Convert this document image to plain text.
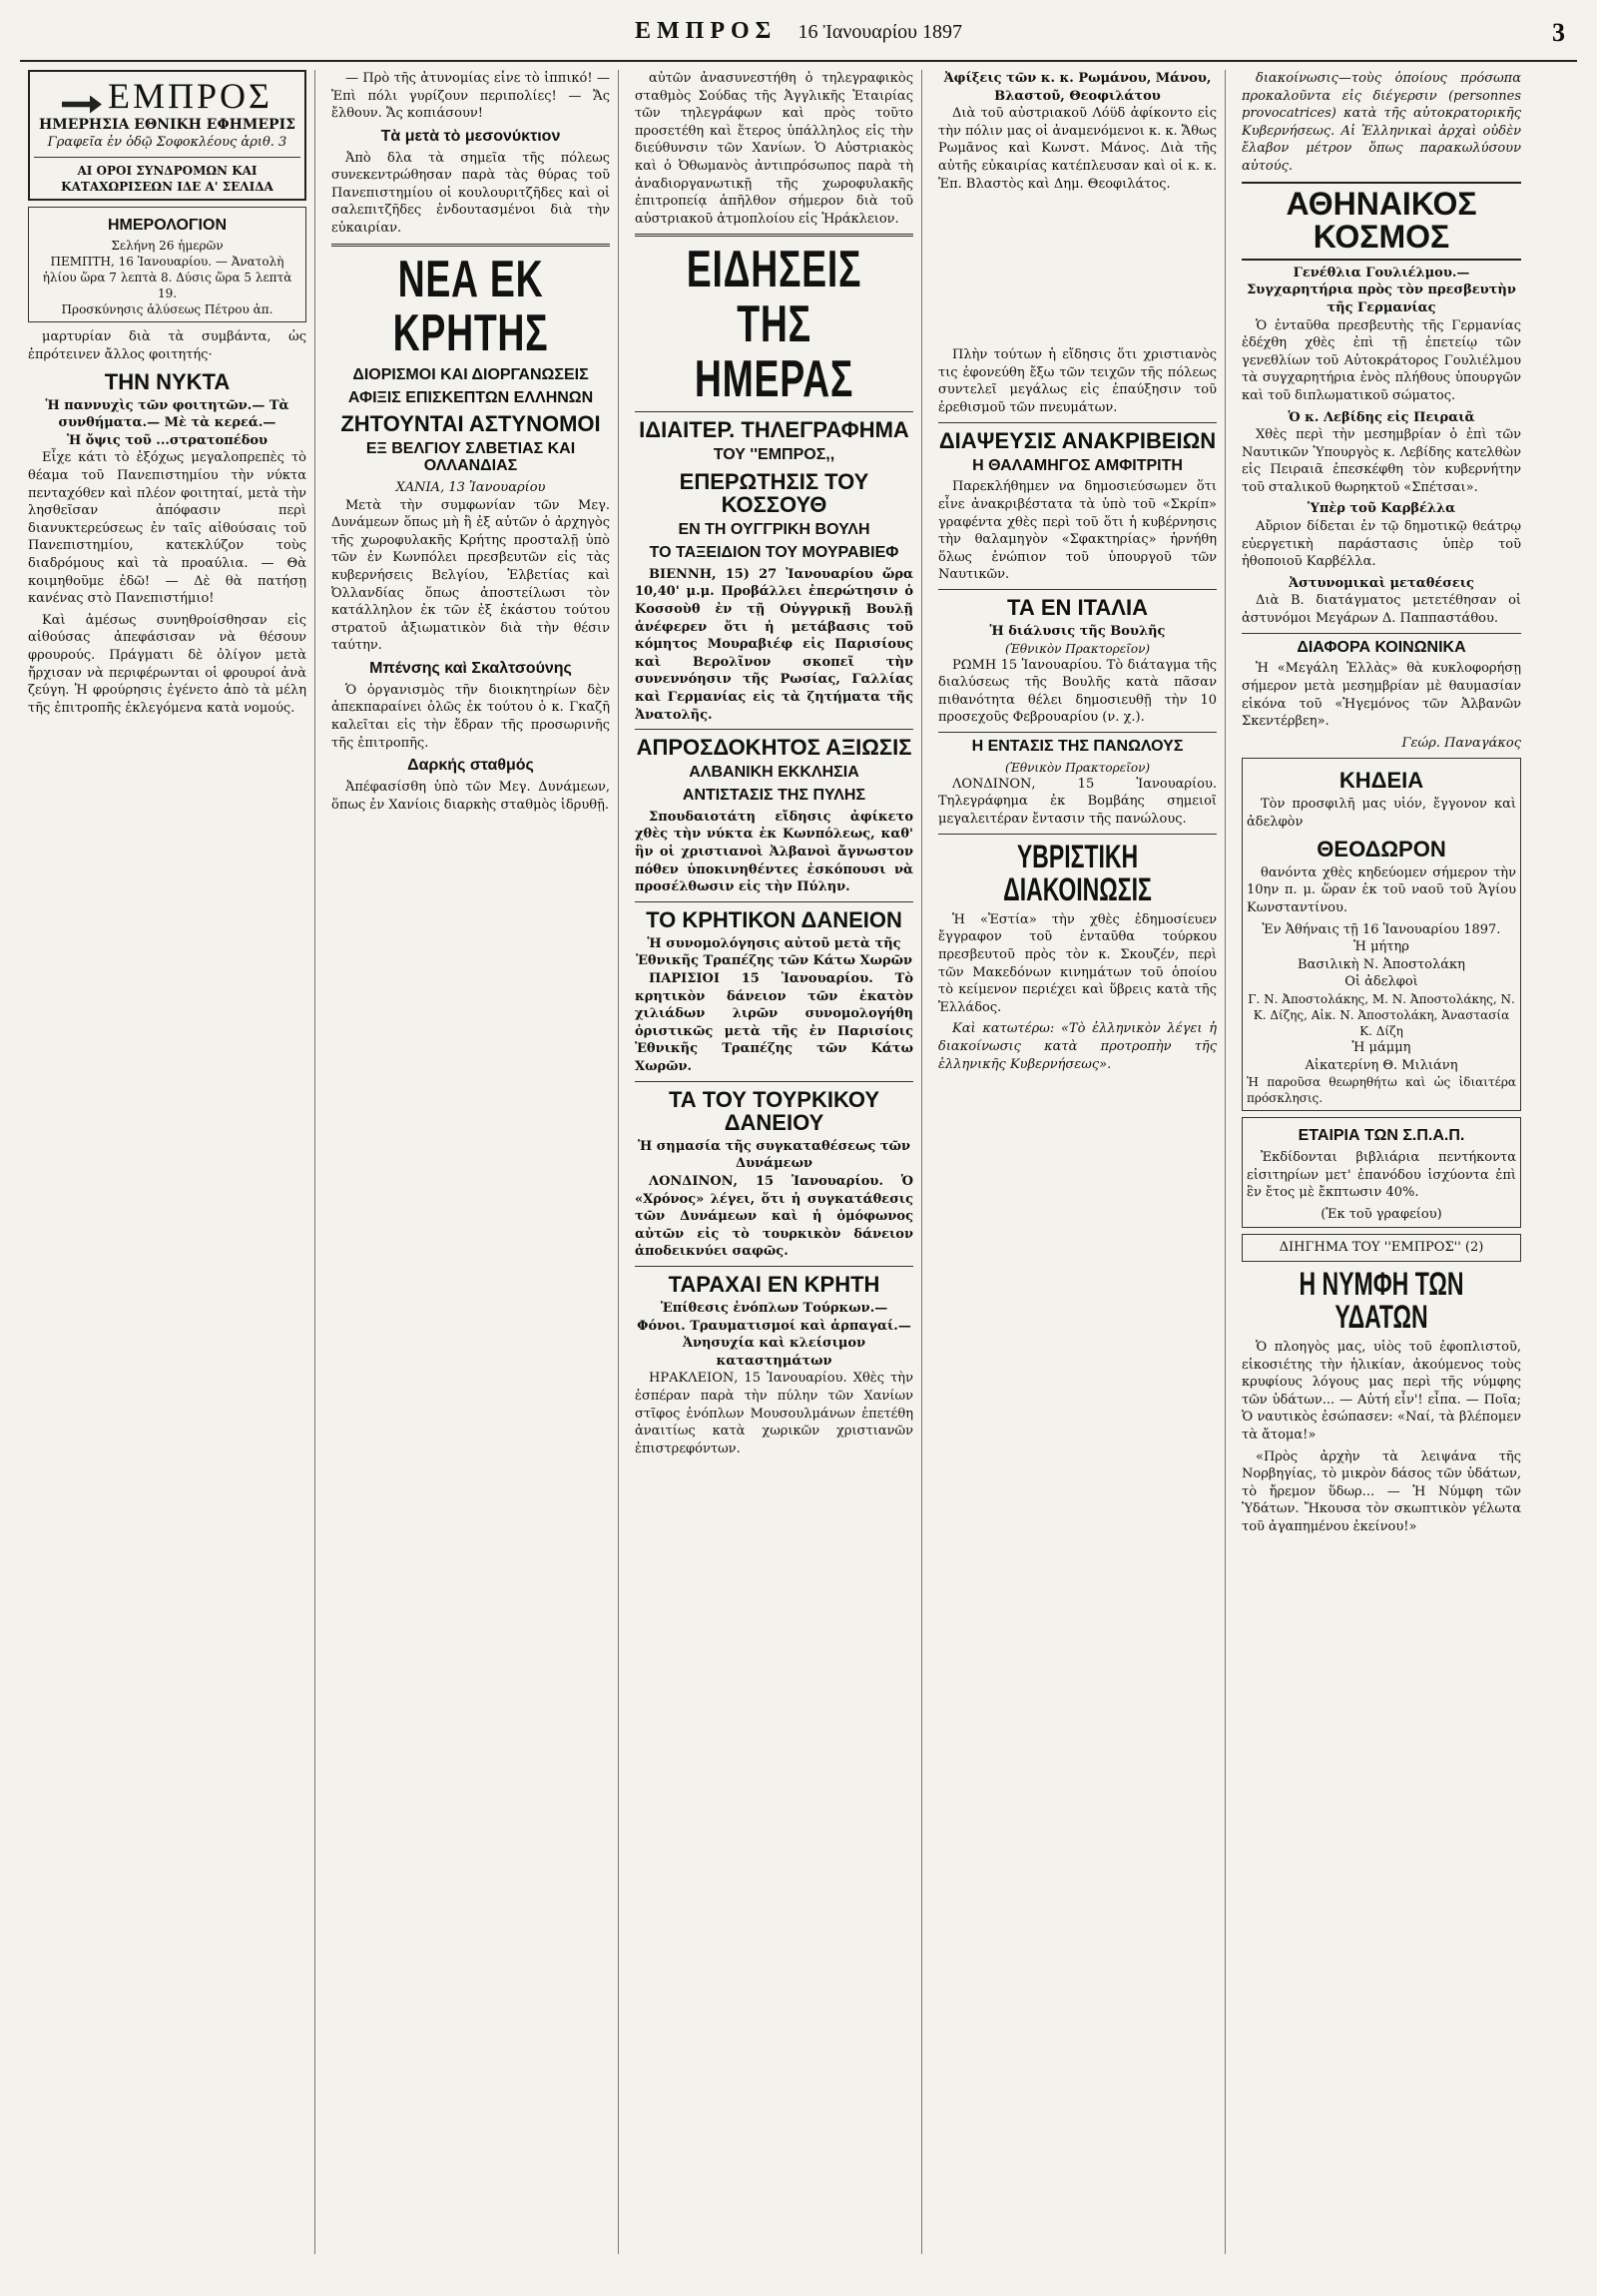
ΕΜΠΡΟΣ 16 Ἰανουαρίου 1897	3
ΕΜΠΡΟΣ
ΗΜΕΡΗΣΙΑ ΕΘΝΙΚΗ ΕΦΗΜΕΡΙΣ
Γραφεῖα ἐν ὁδῷ Σοφοκλέους ἀριθ. 3
ΑΙ ΟΡΟΙ ΣΥΝΔΡΟΜΩΝ ΚΑΙ ΚΑΤΑΧΩΡΙΣΕΩΝ ΙΔΕ Α' ΣΕΛΙΔΑ
ΗΜΕΡΟΛΟΓΙΟΝ
Σελήνη 26 ἡμερῶν
ΠΕΜΠΤΗ, 16 Ἰανουαρίου. — Ἀνατολὴ ἡλίου ὥρα 7 λεπτὰ 8. Δύσις ὥρα 5 λεπτὰ 19.
Προσκύνησις ἁλύσεως Πέτρου ἀπ.

μαρτυρίαν διὰ τὰ συμβάντα, ὡς ἐπρότεινεν ἄλλος φοιτητής·

ΤΗΝ ΝΥΚΤΑ
Ἡ παννυχὶς τῶν φοιτητῶν.— Τὰ συνθήματα.— Μὲ τὰ κερεά.—
Ἡ ὄψις τοῦ ...στρατοπέδου

Εἶχε κάτι τὸ ἐξόχως μεγαλοπρεπὲς τὸ θέαμα τοῦ Πανεπιστημίου τὴν νύκτα πενταχόθεν καὶ πλέον φοιτηταί, μετὰ τὴν λησθεῖσαν ἀπόφασιν περὶ διανυκτερεύσεως ἐν ταῖς αἰθούσαις τοῦ Πανεπιστημίου, κατεκλύζον τοὺς διαδρόμους καὶ τὰ προαύλια. — Θὰ κοιμηθοῦμε ἐδῶ! — Δὲ θὰ πατήσῃ κανένας στὸ Πανεπιστήμιο!

Καὶ ἀμέσως συνηθροίσθησαν εἰς αἰθούσας ἀπεφάσισαν νὰ θέσουν φρουρούς. Πράγματι δὲ ὀλίγον μετὰ ἤρχισαν νὰ περιφέρωνται οἱ φρουροί ἀνὰ ζεύγη. Ἡ φρούρησις ἐγένετο ἀπὸ τὰ μέλη τῆς ἐπιτροπῆς ἐκλεγόμενα κατὰ νομούς.

— Πρὸ τῆς ἀτυνομίας εἶνε τὸ ἱππικό! — Ἐπὶ πόλι γυρίζουν περιπολίες! — Ἄς ἔλθουν. Ἄς κοπιάσουν!

Τὰ μετὰ τὸ μεσονύκτιον

Ἀπὸ δλα τὰ σημεῖα τῆς πόλεως συνεκεντρώθησαν παρὰ τὰς θύρας τοῦ Πανεπιστημίου οἱ κουλουριτζῆδες καὶ οἱ σαλεπιτζῆδες ἐνδουτασμένοι διὰ τὴν εὐκαιρίαν.

ΝΕΑ ΕΚ ΚΡΗΤΗΣ
ΔΙΟΡΙΣΜΟΙ ΚΑΙ ΔΙΟΡΓΑΝΩΣΕΙΣ
ΑΦΙΞΙΣ ΕΠΙΣΚΕΠΤΩΝ ΕΛΛΗΝΩΝ
ΖΗΤΟΥΝΤΑΙ ΑΣΤΥΝΟΜΟΙ
ΕΞ ΒΕΛΓΙΟΥ ΣΛΒΕΤΙΑΣ ΚΑΙ ΟΛΛΑΝΔΙΑΣ
ΧΑΝΙΑ, 13 Ἰανουαρίου

Μετὰ τὴν συμφωνίαν τῶν Μεγ. Δυνάμεων ὅπως μὴ ἢ ἐξ αὐτῶν ὁ ἀρχηγὸς τῆς χωροφυλακῆς Κρήτης προσταλῇ ὑπὸ τῶν ἐν Κωνπόλει πρεσβευτῶν εἰς τὰς κυβερνήσεις Βελγίου, Ἑλβετίας καὶ Ὀλλανδίας ὅπως ἀποστείλωσι τὸν κατάλληλον ἐκ τῶν ἐξ ἑκάστου τούτου στρατοῦ ἀξιωματικὸν διὰ τὴν θέσιν ταύτην.

Μπένσης καὶ Σκαλτσούνης

Ὁ ὀργανισμὸς τῆν διοικητηρίων δὲν ἀπεκπαραίνει ὁλῶς ἐκ τούτου ὁ κ. Γκαζῆ καλεῖται εἰς τὴν ἔδραν τῆς προσωρινῆς τῆς ἐπιτροπῆς.

Δαρκής σταθμός

Ἀπέφασίσθη ὑπὸ τῶν Μεγ. Δυνάμεων, ὅπως ἐν Χανίοις διαρκὴς σταθμὸς ἱδρυθῇ.

αὐτῶν ἀνασυνεστήθη ὁ τηλεγραφικὸς σταθμὸς Σούδας τῆς Ἀγγλικῆς Ἑταιρίας τῶν τηλεγράφων καὶ πρὸς τοῦτο προσετέθη καὶ ἕτερος ὑπάλληλος εἰς τὴν διεύθυνσιν τῶν Χανίων. Ὁ Αὐστριακὸς καὶ ὁ Ὀθωμανὸς ἀντιπρόσωπος παρὰ τὴ ἀναδιοργανωτικῇ τῆς χωροφυλακῆς ἐπιτροπείᾳ ἀπῆλθον σήμερον διὰ τοῦ αὐστριακοῦ ἀτμοπλοίου εἰς Ἡράκλειον.

ΕΙΔΗΣΕΙΣ ΤΗΣ ΗΜΕΡΑΣ
ΙΔΙΑΙΤΕΡ. ΤΗΛΕΓΡΑΦΗΜΑ
ΤΟΥ ''ΕΜΠΡΟΣ,,
ΕΠΕΡΩΤΗΣΙΣ ΤΟΥ ΚΟΣΣΟΥΘ
ΕΝ ΤΗ ΟΥΓΓΡΙΚΗ ΒΟΥΛΗ
ΤΟ ΤΑΞΕΙΔΙΟΝ ΤΟΥ ΜΟΥΡΑΒΙΕΦ

ΒΙΕΝΝΗ, 15) 27 Ἰανουαρίου ὥρα 10,40' μ.μ. Προβάλλει ἐπερώτησιν ὁ Κοσσοὺθ ἐν τῇ Οὐγγρικῇ Βουλῇ ἀνέφερεν ὅτι ἡ μετάβασις τοῦ κόμητος Μουραβιέφ εἰς Παρισίους καὶ Βερολῖνον σκοπεῖ τὴν συνεννόησιν τῆς Ρωσίας, Γαλλίας καὶ Γερμανίας εἰς τὰ ζητήματα τῆς Ἀνατολῆς.

ΑΠΡΟΣΔΟΚΗΤΟΣ ΑΞΙΩΣΙΣ
ΑΛΒΑΝΙΚΗ ΕΚΚΛΗΣΙΑ
ΑΝΤΙΣΤΑΣΙΣ ΤΗΣ ΠΥΛΗΣ

Σπουδαιοτάτη εἴδησις ἀφίκετο χθὲς τὴν νύκτα ἐκ Κωνπόλεως, καθ' ἣν οἱ χριστιανοὶ Ἀλβανοὶ ἄγνωστον πόθεν ὑποκινηθέντες ἐσκόπουσι νὰ προσέλθωσιν εἰς τὴν Πύλην.

ΤΟ ΚΡΗΤΙΚΟΝ ΔΑΝΕΙΟΝ
Ἡ συνομολόγησις αὐτοῦ μετὰ τῆς Ἐθνικῆς Τραπέζης τῶν Κάτω Χωρῶν

ΠΑΡΙΣΙΟΙ 15 Ἰανουαρίου. Τὸ κρητικὸν δάνειον τῶν ἑκατὸν χιλιάδων λιρῶν συνομολογήθη ὁριστικῶς μετὰ τῆς ἐν Παρισίοις Ἐθνικῆς Τραπέζης τῶν Κάτω Χωρῶν.

ΤΑ ΤΟΥ ΤΟΥΡΚΙΚΟΥ ΔΑΝΕΙΟΥ
Ἡ σημασία τῆς συγκαταθέσεως τῶν Δυνάμεων

ΛΟΝΔΙΝΟΝ, 15 Ἰανουαρίου. Ὁ «Χρόνος» λέγει, ὅτι ἡ συγκατάθεσις τῶν Δυνάμεων καὶ ἡ ὁμόφωνος αὐτῶν εἰς τὸ τουρκικὸν δάνειον ἀποδεικνύει σαφῶς.

ΤΑΡΑΧΑΙ ΕΝ ΚΡΗΤΗ
Ἐπίθεσις ἐνόπλων Τούρκων.— Φόνοι. Τραυματισμοί καὶ ἁρπαγαί.— Ἀνησυχία καὶ κλείσιμον καταστημάτων

ΗΡΑΚΛΕΙΟΝ, 15 Ἰανουαρίου. Χθὲς τὴν ἑσπέραν παρὰ τὴν πύλην τῶν Χανίων στῖφος ἐνόπλων Μουσουλμάνων ἐπετέθη ἀναιτίως κατὰ χωρικῶν χριστιανῶν ἐπιστρεφόντων.

Ἀφίξεις τῶν κ. κ. Ρωμάνου, Μάνου, Βλαστοῦ, Θεοφιλάτου

Διὰ τοῦ αὐστριακοῦ Λόϋδ ἀφίκοντο εἰς τὴν πόλιν μας οἱ ἀναμενόμενοι κ. κ. Ἄθως Ρωμᾶνος καὶ Κωνστ. Μάνος. Διὰ τῆς αὐτῆς εὐκαιρίας κατέπλευσαν καὶ οἱ κ. κ. Ἐπ. Βλαστὸς καὶ Δημ. Θεοφιλάτος.

Πλὴν τούτων ἡ εἴδησις ὅτι χριστιανὸς τις ἐφονεύθη ἔξω τῶν τειχῶν τῆς πόλεως συντελεῖ μεγάλως εἰς ἐπαύξησιν τοῦ ἐρεθισμοῦ τῶν πνευμάτων.

ΔΙΑΨΕΥΣΙΣ ΑΝΑΚΡΙΒΕΙΩΝ
Η ΘΑΛΑΜΗΓΟΣ ΑΜΦΙΤΡΙΤΗ

Παρεκλήθημεν να δημοσιεύσωμεν ὅτι εἶνε ἀνακριβέστατα τὰ ὑπὸ τοῦ «Σκρίπ» γραφέντα χθὲς περὶ τοῦ ὅτι ἡ κυβέρνησις τὴν θαλαμηγὸν «Σφακτηρίας» ἠρνήθη ὅλως ἐνώπιον τοῦ ὑπουργοῦ τῶν Ναυτικῶν.

ΤΑ ΕΝ ΙΤΑΛΙΑ
Ἡ διάλυσις τῆς Βουλῆς
(Ἐθνικὸν Πρακτορεῖον)

ΡΩΜΗ 15 Ἰανουαρίου. Τὸ διάταγμα τῆς διαλύσεως τῆς Βουλῆς κατὰ πᾶσαν πιθανότητα θέλει δημοσιευθῇ τὴν 10 προσεχοῦς Φεβρουαρίου (ν. χ.).

Η ΕΝΤΑΣΙΣ ΤΗΣ ΠΑΝΩΛΟΥΣ
(Ἐθνικὸν Πρακτορεῖον)

ΛΟΝΔΙΝΟΝ, 15 Ἰανουαρίου. Τηλεγράφημα ἐκ Βομβάης σημειοῖ μεγαλειτέραν ἔντασιν τῆς πανώλους.

ΥΒΡΙΣΤΙΚΗ ΔΙΑΚΟΙΝΩΣΙΣ

Ἡ «Ἑστία» τὴν χθὲς ἐδημοσίευεν ἔγγραφον τοῦ ἐνταῦθα τούρκου πρεσβευτοῦ πρὸς τὸν κ. Σκουζέν, περὶ τῶν Μακεδόνων κινημάτων τοῦ ὁποίου τὸ κείμενον περιέχει καὶ ὕβρεις κατὰ τῆς Ἑλλάδος.

Καὶ κατωτέρω: «Τὸ ἐλληνικὸν λέγει ἡ διακοίνωσις κατὰ προτροπὴν τῆς ἑλληνικῆς Κυβερνήσεως».

διακοίνωσις—τοὺς ὁποίους πρόσωπα προκαλοῦντα εἰς διέγερσιν (personnes provocatrices) κατὰ τῆς αὐτοκρατορικῆς Κυβερνήσεως. Αἱ Ἑλληνικαὶ ἀρχαὶ οὐδὲν ἔλαβον μέτρον ὅπως παρακωλύσουν αὐτούς.

ΑΘΗΝΑΙΚΟΣ ΚΟΣΜΟΣ
Γενέθλια Γουλιέλμου.— Συγχαρητήρια πρὸς τὸν πρεσβευτὴν τῆς Γερμανίας

Ὁ ἐνταῦθα πρεσβευτὴς τῆς Γερμανίας ἐδέχθη χθὲς ἐπὶ τῇ ἐπετείῳ τῶν γενεθλίων τοῦ Αὐτοκράτορος Γουλιέλμου τὰ συγχαρητήρια ἐνὸς πλήθους ὑπουργῶν καὶ τοῦ διπλωματικοῦ σώματος.

Ὁ κ. Λεβίδης εἰς Πειραιᾶ

Χθὲς περὶ τὴν μεσημβρίαν ὁ ἐπὶ τῶν Ναυτικῶν Ὑπουργὸς κ. Λεβίδης κατελθὼν εἰς Πειραιᾶ ἐπεσκέφθη τὸν κυβερνήτην τοῦ σταλικοῦ θωρηκτοῦ «Σπέτσαι».

Ὑπὲρ τοῦ Καρβέλλα

Αὔριον δίδεται ἐν τῷ δημοτικῷ θεάτρῳ εὐεργετικὴ παράστασις ὑπὲρ τοῦ ἠθοποιοῦ Καρβέλλα.

Ἀστυνομικαὶ μεταθέσεις

Διὰ Β. διατάγματος μετετέθησαν οἱ ἀστυνόμοι Μεγάρων Δ. Παππαστάθου.

ΔΙΑΦΟΡΑ ΚΟΙΝΩΝΙΚΑ

Ἡ «Μεγάλη Ἑλλὰς» θὰ κυκλοφορήσῃ σήμερον μετὰ μεσημβρίαν μὲ θαυμασίαν εἰκόνα τοῦ «Ἡγεμόνος τῶν Ἀλβανῶν Σκεντέρβεη».

Γεώρ. Παναγάκος
ΚΗΔΕΙΑ

Τὸν προσφιλῆ μας υἱόν, ἔγγονον καὶ ἀδελφὸν

ΘΕΟΔΩΡΟΝ

θανόντα χθὲς κηδεύομεν σήμερον τὴν 10ην π. μ. ὥραν ἐκ τοῦ ναοῦ τοῦ Ἁγίου Κωνσταντίνου.

Ἐν Ἀθήναις τῇ 16 Ἰανουαρίου 1897.
Ἡ μήτηρ
Βασιλικὴ Ν. Ἀποστολάκη
Οἱ ἀδελφοὶ
Γ. Ν. Ἀποστολάκης, Μ. Ν. Ἀποστολάκης, Ν. Κ. Δίζης, Αἰκ. Ν. Ἀποστολάκη, Ἀναστασία Κ. Δίζη
Ἡ μάμμη
Αἰκατερίνη Θ. Μιλιάνη
Ἡ παροῦσα θεωρηθήτω καὶ ὡς ἰδιαιτέρα πρόσκλησις.
ΕΤΑΙΡΙΑ ΤΩΝ Σ.Π.Α.Π.

Ἐκδίδονται βιβλιάρια πεντήκοντα εἰσιτηρίων μετ' ἐπανόδου ἰσχύοντα ἐπὶ ἓν ἔτος μὲ ἔκπτωσιν 40%.

(Ἐκ τοῦ γραφείου)
ΔΙΗΓΗΜΑ ΤΟΥ ''ΕΜΠΡΟΣ'' (2)
Η ΝΥΜΦΗ ΤΩΝ ΥΔΑΤΩΝ

Ὁ πλοηγὸς μας, υἱὸς τοῦ ἐφοπλιστοῦ, εἰκοσιέτης τὴν ἡλικίαν, ἀκούμενος τοὺς κρυφίους λόγους μας περὶ τῆς νύμφης τῶν ὑδάτων... — Αὐτή εἶν'! εἶπα. — Ποῖα; Ὁ ναυτικὸς ἐσώπασεν: «Ναί, τὰ βλέπομεν τὰ ἄτομα!»

«Πρὸς ἀρχὴν τὰ λειψάνα τῆς Νορβηγίας, τὸ μικρὸν δάσος τῶν ὑδάτων, τὸ ἤρεμον ὕδωρ... — Ἡ Νύμφη τῶν Ὑδάτων. Ἤκουσα τὸν σκωπτικὸν γέλωτα τοῦ ἀγαπημένου ἐκείνου!»
